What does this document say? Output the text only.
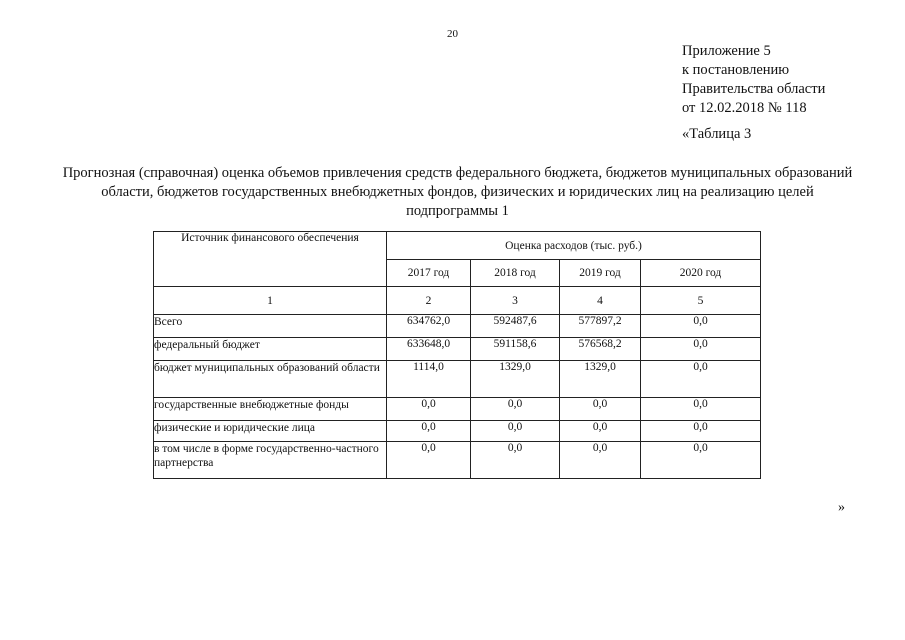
20
Приложение 5
к постановлению
Правительства области
от 12.02.2018 № 118
«Таблица 3
Прогнозная (справочная) оценка объемов привлечения средств федерального бюджета, бюджетов муниципальных образований области, бюджетов государственных внебюджетных фондов, физических и юридических лиц на реализацию целей подпрограммы 1
Источник финансового обеспечения	Оценка расходов (тыс. руб.)			
	2017 год	2018 год	2019 год	2020 год
1	2	3	4	5
Всего	634762,0	592487,6	577897,2	0,0
федеральный бюджет	633648,0	591158,6	576568,2	0,0
бюджет муниципальных образований области	1114,0	1329,0	1329,0	0,0
государственные внебюджетные фонды	0,0	0,0	0,0	0,0
физические и юридические лица	0,0	0,0	0,0	0,0
в том числе в форме государственно-частного партнерства	0,0	0,0	0,0	0,0
»
